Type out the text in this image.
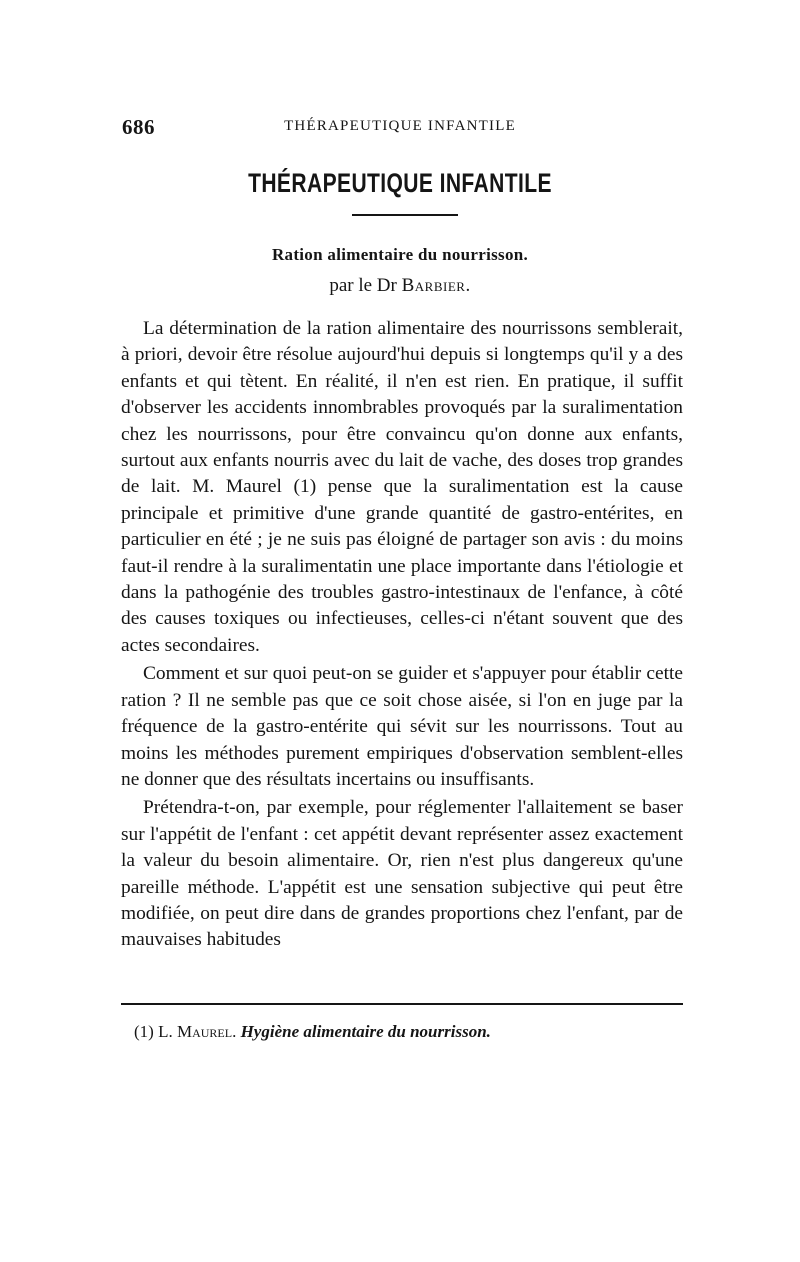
686	THÉRAPEUTIQUE INFANTILE
THÉRAPEUTIQUE INFANTILE
Ration alimentaire du nourrisson.
par le Dr Barbier.

La détermination de la ration alimentaire des nourrissons semblerait, à priori, devoir être résolue aujourd'hui depuis si longtemps qu'il y a des enfants et qui tètent. En réalité, il n'en est rien. En pratique, il suffit d'observer les accidents innombrables provoqués par la suralimentation chez les nourrissons, pour être convaincu qu'on donne aux enfants, surtout aux enfants nourris avec du lait de vache, des doses trop grandes de lait. M. Maurel (1) pense que la suralimentation est la cause principale et primitive d'une grande quantité de gastro-entérites, en particulier en été ; je ne suis pas éloigné de partager son avis : du moins faut-il rendre à la suralimentatin une place importante dans l'étiologie et dans la pathogénie des troubles gastro-intestinaux de l'enfance, à côté des causes toxiques ou infectieuses, celles-ci n'étant souvent que des actes secondaires.

Comment et sur quoi peut-on se guider et s'appuyer pour établir cette ration ? Il ne semble pas que ce soit chose aisée, si l'on en juge par la fréquence de la gastro-entérite qui sévit sur les nourrissons. Tout au moins les méthodes purement empiriques d'observation semblent-elles ne donner que des résultats incertains ou insuffisants.

Prétendra-t-on, par exemple, pour réglementer l'allaitement se baser sur l'appétit de l'enfant : cet appétit devant représenter assez exactement la valeur du besoin alimentaire. Or, rien n'est plus dangereux qu'une pareille méthode. L'appétit est une sensation subjective qui peut être modifiée, on peut dire dans de grandes proportions chez l'enfant, par de mauvaises habitudes

(1) L. Maurel. Hygiène alimentaire du nourrisson.
